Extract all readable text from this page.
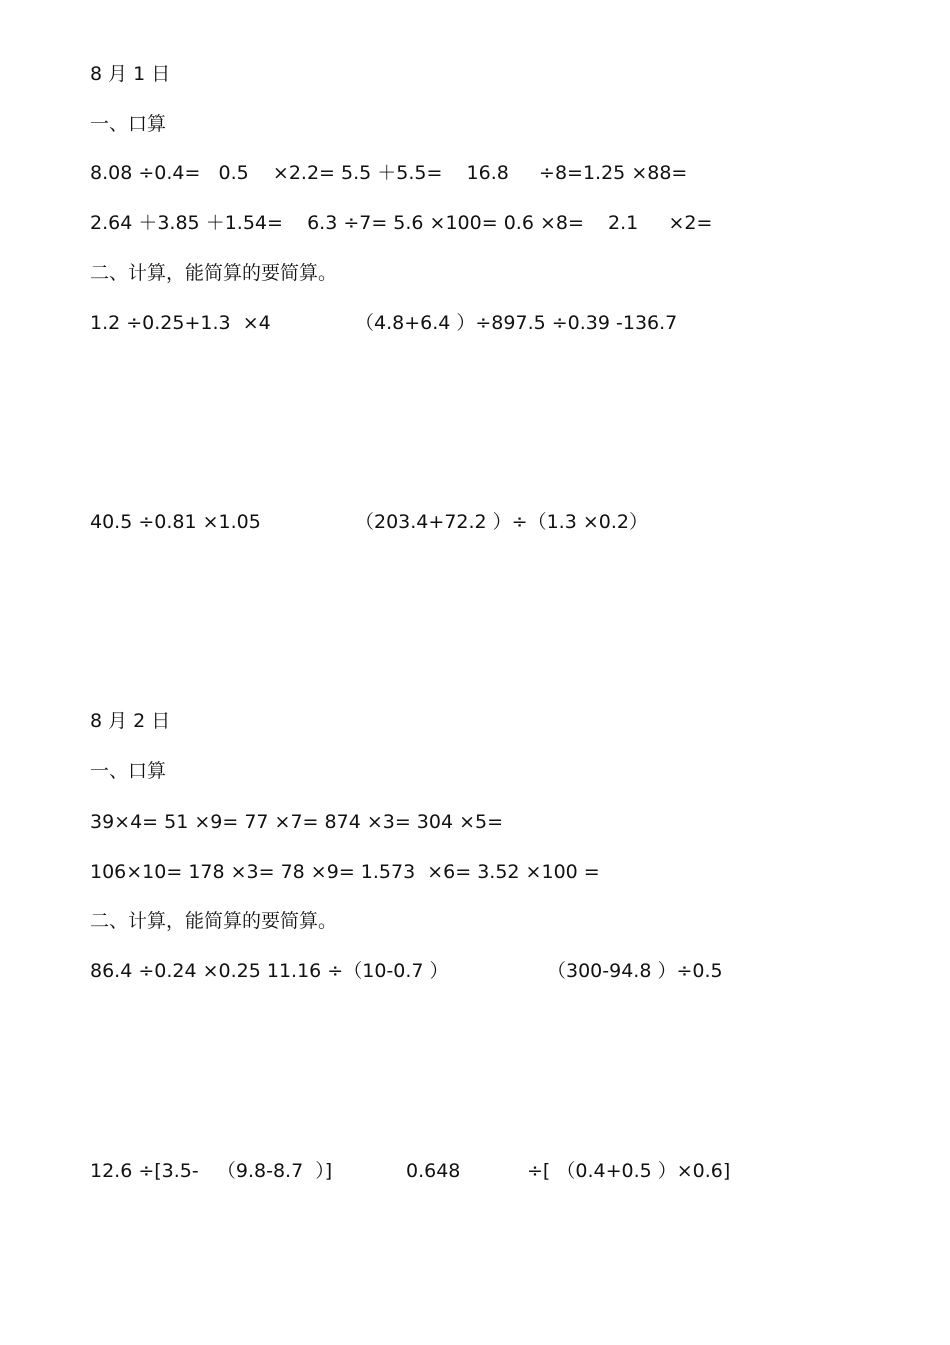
8 月 1 日

一、口算

8.08 ÷0.4=   0.5    ×2.2= 5.5 ＋5.5=    16.8     ÷8=1.25 ×88=

2.64 ＋3.85 ＋1.54=    6.3 ÷7= 5.6 ×100= 0.6 ×8=    2.1     ×2=

二、计算，能简算的要简算。

1.2 ÷0.25+1.3  ×4	（4.8+6.4 ）÷897.5 ÷0.39 -136.7

40.5 ÷0.81 ×1.05	（203.4+72.2 ）÷（1.3 ×0.2）

8 月 2 日

一、口算

39×4= 51 ×9= 77 ×7= 874 ×3= 304 ×5=

106×10= 178 ×3= 78 ×9= 1.573  ×6= 3.52 ×100 =

二、计算，能简算的要简算。

86.4 ÷0.24 ×0.25 11.16 ÷（10-0.7 ）	（300-94.8 ）÷0.5

12.6 ÷[3.5-   （9.8-8.7  ）]	0.648	÷[ （0.4+0.5 ）×0.6]
